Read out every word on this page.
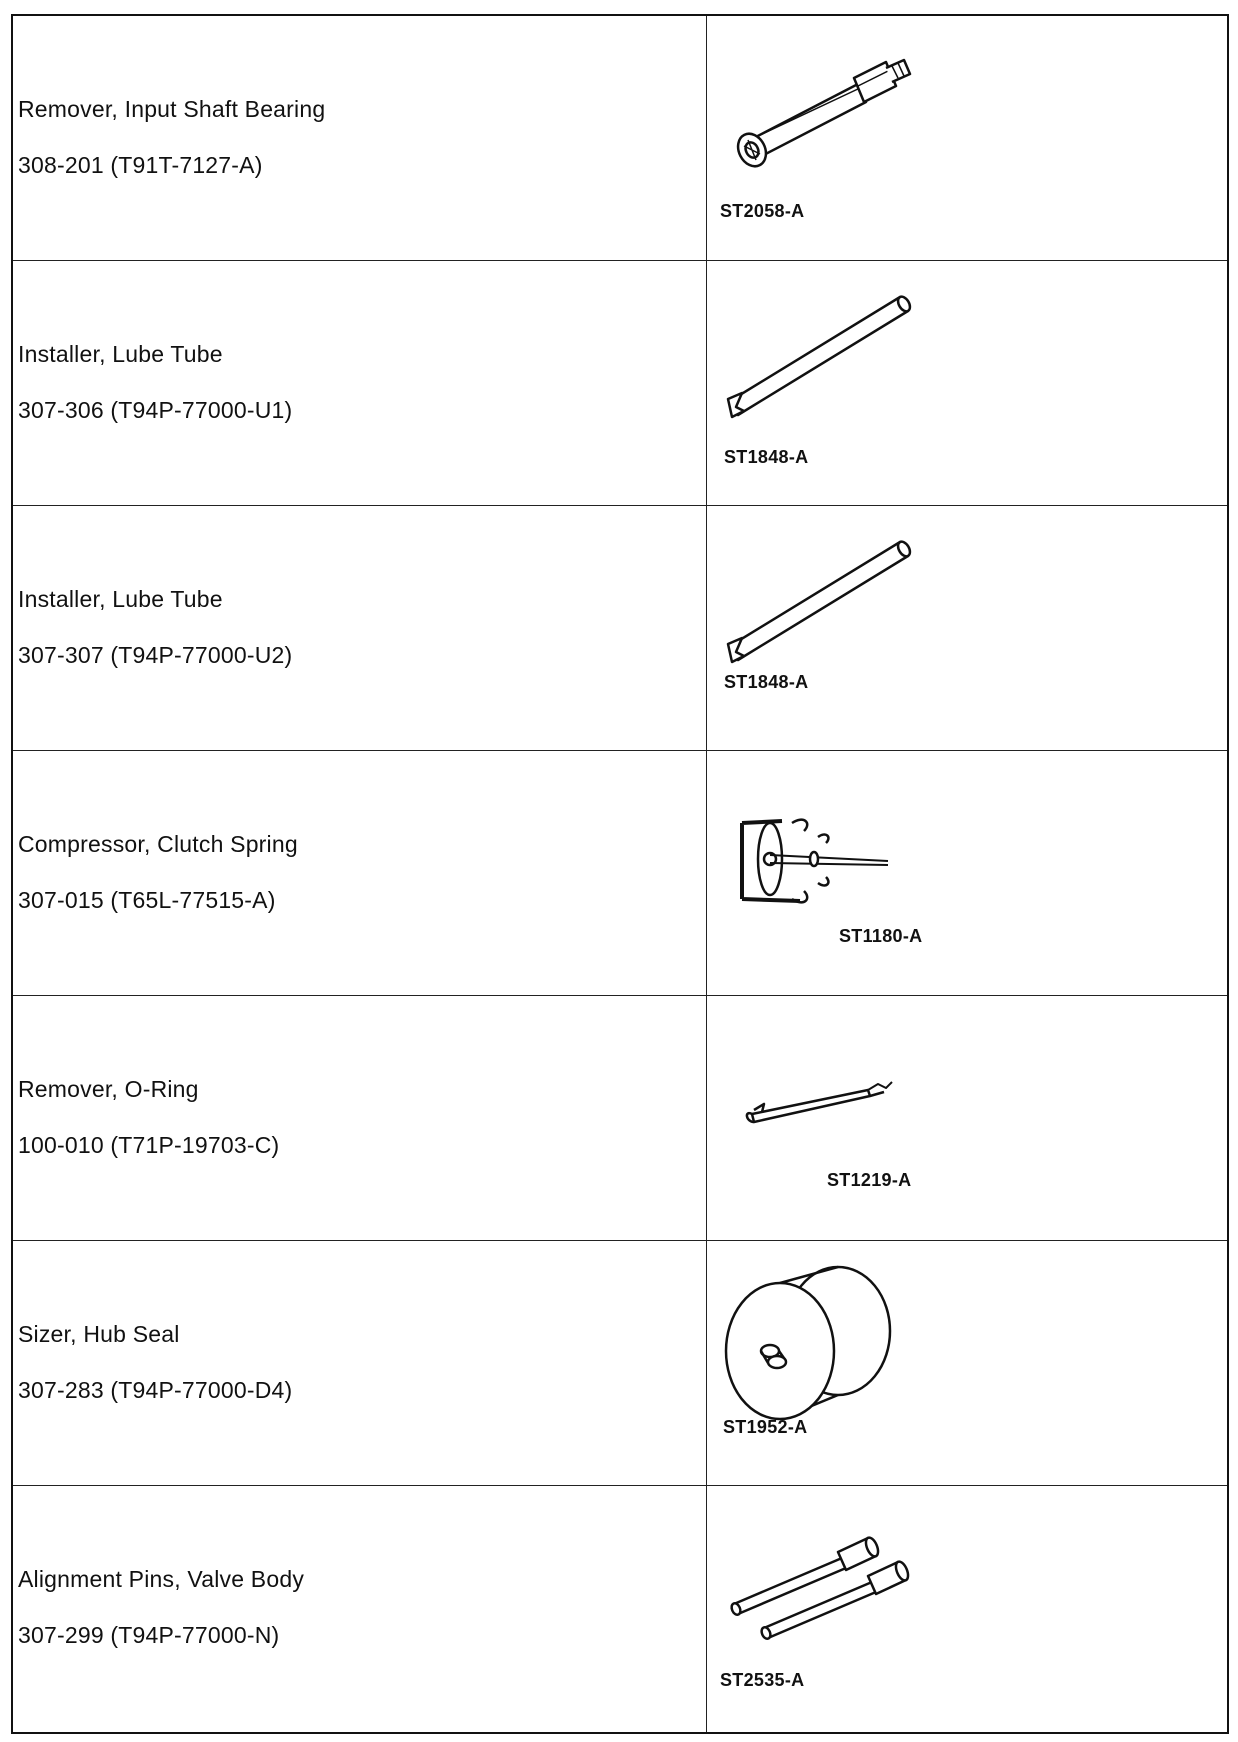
Remover, Input Shaft Bearing
308-201 (T91T-7127-A)
ST2058-A
Installer, Lube Tube
307-306 (T94P-77000-U1)
ST1848-A
Installer, Lube Tube
307-307 (T94P-77000-U2)
ST1848-A
Compressor, Clutch Spring
307-015 (T65L-77515-A)
ST1180-A
Remover, O-Ring
100-010 (T71P-19703-C)
ST1219-A
Sizer, Hub Seal
307-283 (T94P-77000-D4)
ST1952-A
Alignment Pins, Valve Body
307-299 (T94P-77000-N)
ST2535-A
